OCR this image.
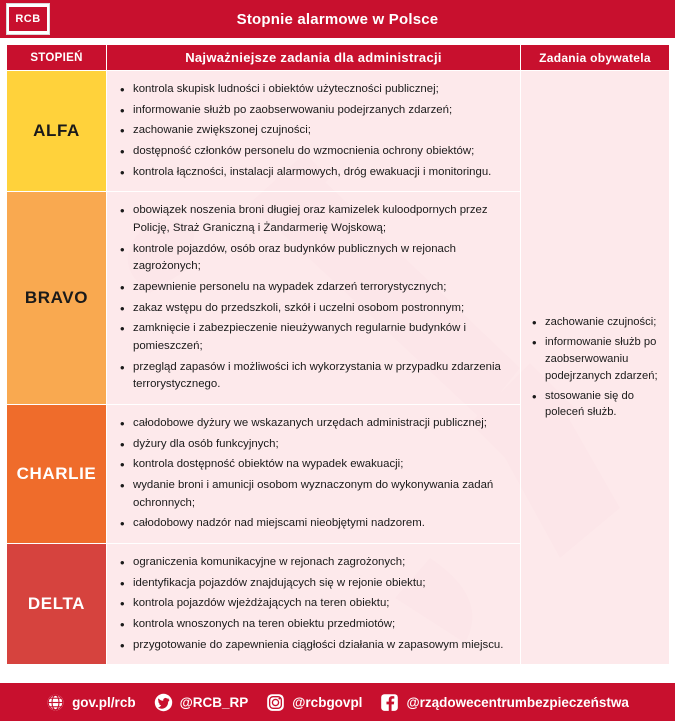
RCB	Stopnie alarmowe w Polsce
STOPIEŃ	Najważniejsze zadania dla administracji	Zadania obywatela
ALFA	
• kontrola skupisk ludności i obiektów użyteczności publicznej;
• informowanie służb po zaobserwowaniu podejrzanych zdarzeń;
• zachowanie zwiększonej czujności;
• dostępność członków personelu do wzmocnienia ochrony obiektów;
• kontrola łączności, instalacji alarmowych, dróg ewakuacji i monitoringu.

• zachowanie czujności;
• informowanie służb po zaobserwowaniu podejrzanych zdarzeń;
• stosowanie się do poleceń służb.

BRAVO	
• obowiązek noszenia broni długiej oraz kamizelek kuloodpornych przez Policję, Straż Graniczną i Żandarmerię Wojskową;
• kontrole pojazdów, osób oraz budynków publicznych w rejonach zagrożonych;
• zapewnienie personelu na wypadek zdarzeń terrorystycznych;
• zakaz wstępu do przedszkoli, szkół i uczelni osobom postronnym;
• zamknięcie i zabezpieczenie nieużywanych regularnie budynków i pomieszczeń;
• przegląd zapasów i możliwości ich wykorzystania w przypadku zdarzenia terrorystycznego.

CHARLIE	
• całodobowe dyżury we wskazanych urzędach administracji publicznej;
• dyżury dla osób funkcyjnych;
• kontrola dostępność obiektów na wypadek ewakuacji;
• wydanie broni i amunicji osobom wyznaczonym do wykonywania zadań ochronnych;
• całodobowy nadzór nad miejscami nieobjętymi nadzorem.

DELTA	
• ograniczenia komunikacyjne w rejonach zagrożonych;
• identyfikacja pojazdów znajdujących się w rejonie obiektu;
• kontrola pojazdów wjeżdżających na teren obiektu;
• kontrola wnoszonych na teren obiektu przedmiotów;
• przygotowanie do zapewnienia ciągłości działania w zapasowym miejscu.
gov.pl/rcb	@RCB_RP	@rcbgovpl	@rządowecentrumbezpieczeństwa
